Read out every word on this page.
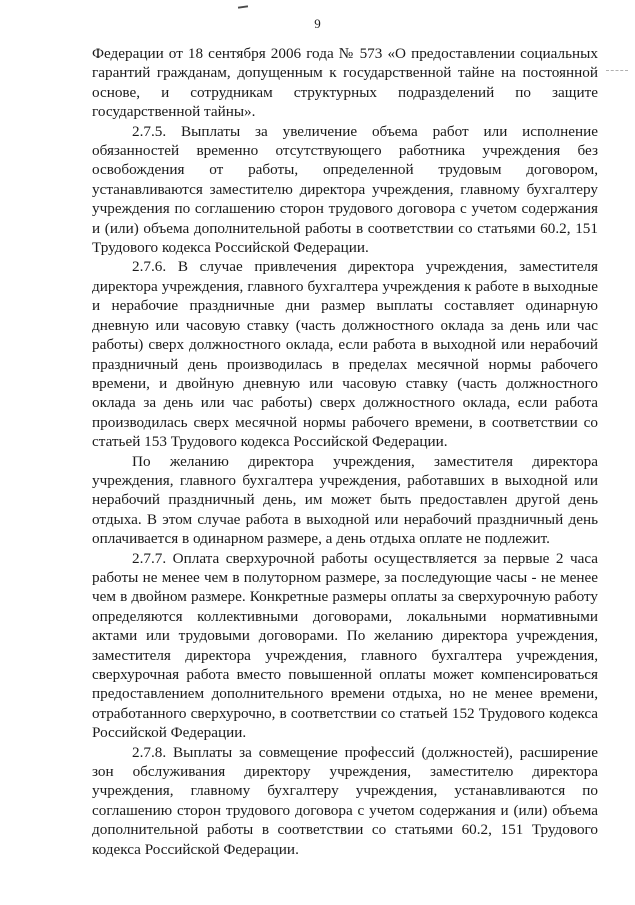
9

Федерации от 18 сентября 2006 года № 573 «О предоставлении социальных гарантий гражданам, допущенным к государственной тайне на постоянной основе, и сотрудникам структурных подразделений по защите государственной тайны».

2.7.5. Выплаты за увеличение объема работ или исполнение обязанностей временно отсутствующего работника учреждения без освобождения от работы, определенной трудовым договором, устанавливаются заместителю директора учреждения, главному бухгалтеру учреждения по соглашению сторон трудового договора с учетом содержания и (или) объема дополнительной работы в соответствии со статьями 60.2, 151 Трудового кодекса Российской Федерации.

2.7.6. В случае привлечения директора учреждения, заместителя директора учреждения, главного бухгалтера учреждения к работе в выходные и нерабочие праздничные дни размер выплаты составляет одинарную дневную или часовую ставку (часть должностного оклада за день или час работы) сверх должностного оклада, если работа в выходной или нерабочий праздничный день производилась в пределах месячной нормы рабочего времени, и двойную дневную или часовую ставку (часть должностного оклада за день или час работы) сверх должностного оклада, если работа производилась сверх месячной нормы рабочего времени, в соответствии со статьей 153 Трудового кодекса Российской Федерации.

По желанию директора учреждения, заместителя директора учреждения, главного бухгалтера учреждения, работавших в выходной или нерабочий праздничный день, им может быть предоставлен другой день отдыха. В этом случае работа в выходной или нерабочий праздничный день оплачивается в одинарном размере, а день отдыха оплате не подлежит.

2.7.7. Оплата сверхурочной работы осуществляется за первые 2 часа работы не менее чем в полуторном размере, за последующие часы - не менее чем в двойном размере. Конкретные размеры оплаты за сверхурочную работу определяются коллективными договорами, локальными нормативными актами или трудовыми договорами. По желанию директора учреждения, заместителя директора учреждения, главного бухгалтера учреждения, сверхурочная работа вместо повышенной оплаты может компенсироваться предоставлением дополнительного времени отдыха, но не менее времени, отработанного сверхурочно, в соответствии со статьей 152 Трудового кодекса Российской Федерации.

2.7.8. Выплаты за совмещение профессий (должностей), расширение зон обслуживания директору учреждения, заместителю директора учреждения, главному бухгалтеру учреждения, устанавливаются по соглашению сторон трудового договора с учетом содержания и (или) объема дополнительной работы в соответствии со статьями 60.2, 151 Трудового кодекса Российской Федерации.
